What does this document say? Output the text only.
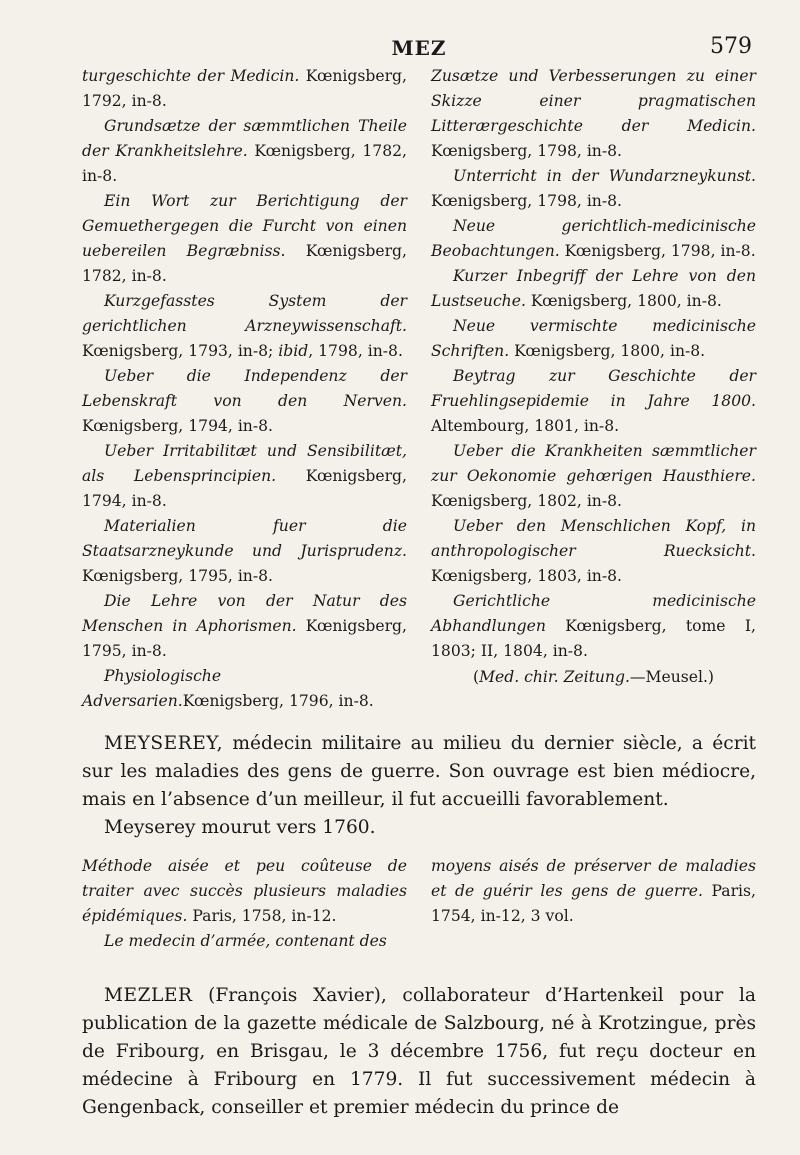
MEZ	579

turgeschichte der Medicin. Kœnigsberg, 1792, in-8.

Grundsætze der sæmmtlichen Theile der Krankheitslehre. Kœnigsberg, 1782, in-8.

Ein Wort zur Berichtigung der Gemuethergegen die Furcht von einen uebereilen Begræbniss. Kœnigsberg, 1782, in-8.

Kurzgefasstes System der gerichtlichen Arzneywissenschaft. Kœnigsberg, 1793, in-8; ibid, 1798, in-8.

Ueber die Independenz der Lebenskraft von den Nerven. Kœnigsberg, 1794, in-8.

Ueber Irritabilitæt und Sensibilitæt, als Lebensprincipien. Kœnigsberg, 1794, in-8.

Materialien fuer die Staatsarzneykunde und Jurisprudenz. Kœnigsberg, 1795, in-8.

Die Lehre von der Natur des Menschen in Aphorismen. Kœnigsberg, 1795, in-8.

Physiologische Adversarien.Kœnigsberg, 1796, in-8.

Zusætze und Verbesserungen zu einer Skizze einer pragmatischen Litterærgeschichte der Medicin. Kœnigsberg, 1798, in-8.

Unterricht in der Wundarzneykunst. Kœnigsberg, 1798, in-8.

Neue gerichtlich-medicinische Beobachtungen. Kœnigsberg, 1798, in-8.

Kurzer Inbegriff der Lehre von den Lustseuche. Kœnigsberg, 1800, in-8.

Neue vermischte medicinische Schriften. Kœnigsberg, 1800, in-8.

Beytrag zur Geschichte der Fruehlingsepidemie in Jahre 1800. Altembourg, 1801, in-8.

Ueber die Krankheiten sæmmtlicher zur Oekonomie gehœrigen Hausthiere. Kœnigsberg, 1802, in-8.

Ueber den Menschlichen Kopf, in anthropologischer Ruecksicht. Kœnigsberg, 1803, in-8.

Gerichtliche medicinische Abhandlungen Kœnigsberg, tome I, 1803; II, 1804, in-8.

(Med. chir. Zeitung.—Meusel.)

MEYSEREY, médecin militaire au milieu du dernier siècle, a écrit sur les maladies des gens de guerre. Son ouvrage est bien médiocre, mais en l’absence d’un meilleur, il fut accueilli favorablement.

Meyserey mourut vers 1760.

Méthode aisée et peu coûteuse de traiter avec succès plusieurs maladies épidémiques. Paris, 1758, in-12.

Le medecin d’armée, contenant des

moyens aisés de préserver de maladies et de guérir les gens de guerre. Paris, 1754, in-12, 3 vol.

MEZLER (François Xavier), collaborateur d’Hartenkeil pour la publication de la gazette médicale de Salzbourg, né à Krotzingue, près de Fribourg, en Brisgau, le 3 décembre 1756, fut reçu docteur en médecine à Fribourg en 1779. Il fut successivement médecin à Gengenback, conseiller et premier médecin du prince de
